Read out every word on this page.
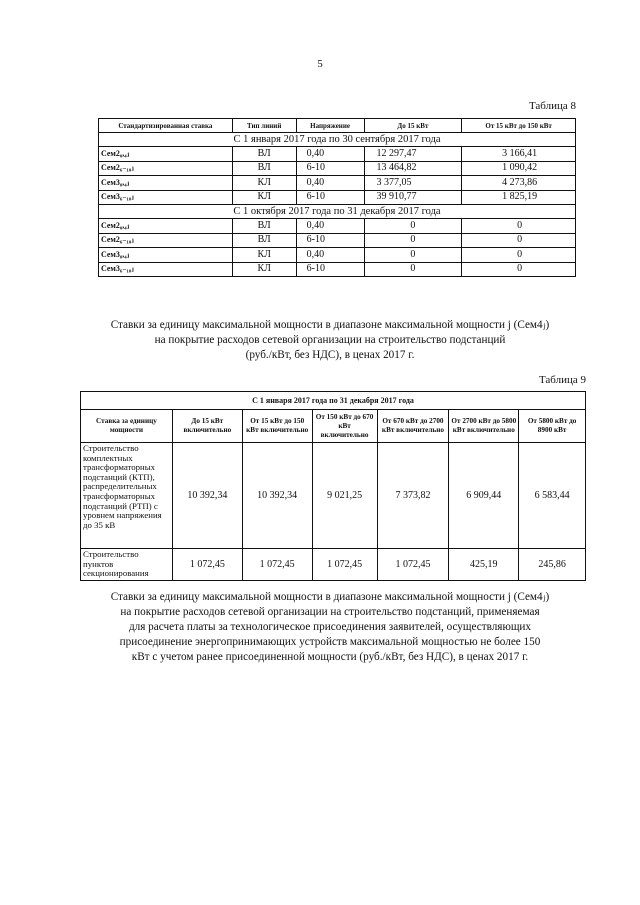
5
Таблица 8
Стандартизированная ставка	Тип линий	Напряжение	До 15 кВт	От 15 кВт до 150 кВт
С 1 января 2017 года по 30 сентября 2017 года				
Сем2₀,₄ⱼ	ВЛ	0,40	12 297,47	3 166,41
Сем2₆₋₁₀ⱼ	ВЛ	6-10	13 464,82	1 090,42
Сем3₀,₄ⱼ	КЛ	0,40	3 377,05	4 273,86
Сем3₆₋₁₀ⱼ	КЛ	6-10	39 910,77	1 825,19
С 1 октября 2017 года по 31 декабря 2017 года				
Сем2₀,₄ⱼ	ВЛ	0,40	0	0
Сем2₆₋₁₀ⱼ	ВЛ	6-10	0	0
Сем3₀,₄ⱼ	КЛ	0,40	0	0
Сем3₆₋₁₀ⱼ	КЛ	6-10	0	0
Ставки за единицу максимальной мощности в диапазоне максимальной мощности j (Сем4ⱼ)
на покрытие расходов сетевой организации на строительство подстанций
(руб./кВт, без НДС), в ценах 2017 г.
Таблица 9
С 1 января 2017 года по 31 декабря 2017 года						
Ставка за единицу мощности	До 15 кВт включительно	От 15 кВт до 150 кВт включительно	От 150 кВт до 670 кВт включительно	От 670 кВт до 2700 кВт включительно	От 2700 кВт до 5800 кВт включительно	От 5800 кВт до 8900 кВт
Строительство комплектных трансформаторных подстанций (КТП), распределительных трансформаторных подстанций (РТП) с уровнем напряжения до 35 кВ	10 392,34	10 392,34	9 021,25	7 373,82	6 909,44	6 583,44
Строительство пунктов секционирования	1 072,45	1 072,45	1 072,45	1 072,45	425,19	245,86
Ставки за единицу максимальной мощности в диапазоне максимальной мощности j (Сем4ⱼ)
на покрытие расходов сетевой организации на строительство подстанций, применяемая
для расчета платы за технологическое присоединения заявителей, осуществляющих
присоединение энергопринимающих устройств максимальной мощностью не более 150
кВт с учетом ранее присоединенной мощности (руб./кВт, без НДС), в ценах 2017 г.
